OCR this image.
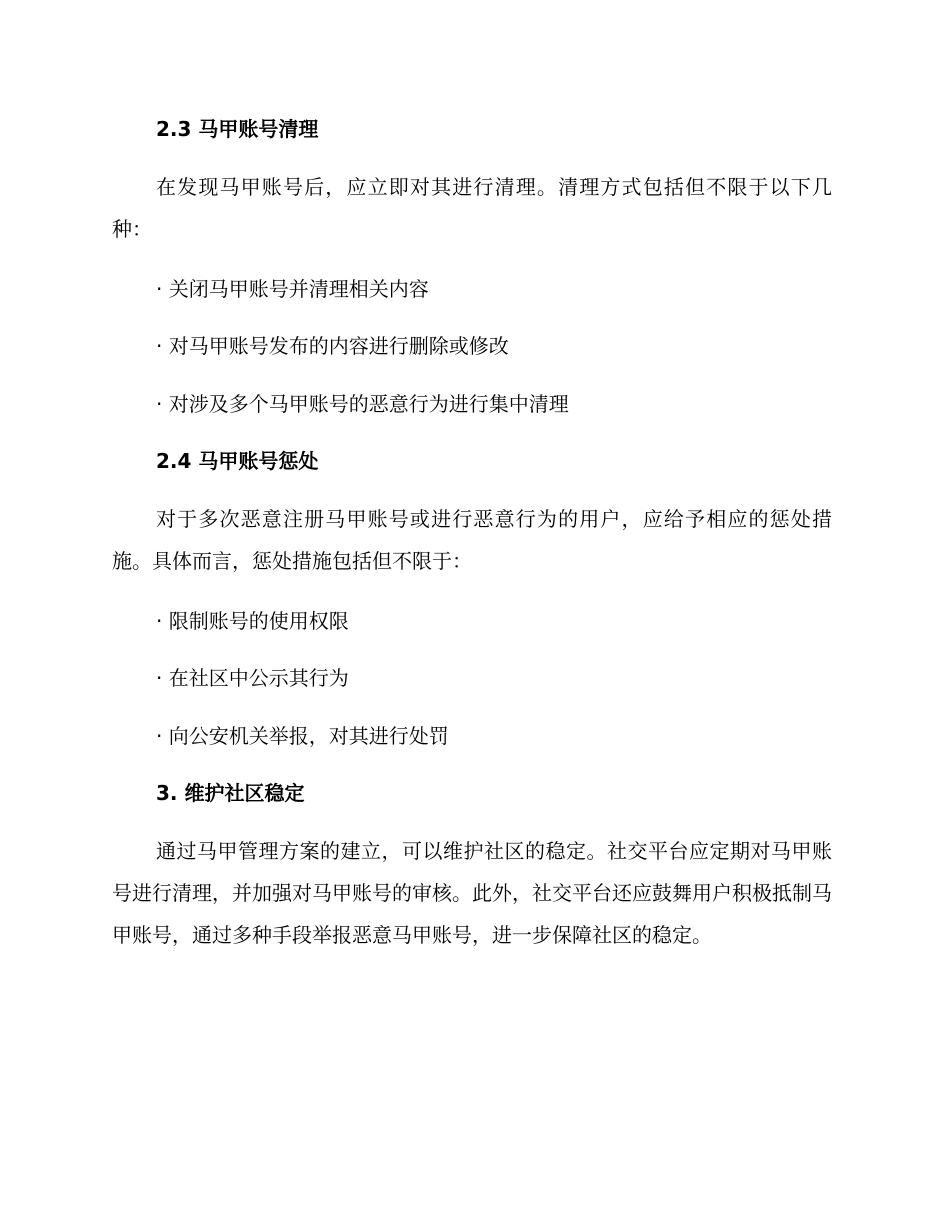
2.3 马甲账号清理

在发现马甲账号后，应立即对其进行清理。清理方式包括但不限于以下几种：

· 关闭马甲账号并清理相关内容
· 对马甲账号发布的内容进行删除或修改
· 对涉及多个马甲账号的恶意行为进行集中清理
2.4 马甲账号惩处

对于多次恶意注册马甲账号或进行恶意行为的用户，应给予相应的惩处措施。具体而言，惩处措施包括但不限于：

· 限制账号的使用权限
· 在社区中公示其行为
· 向公安机关举报，对其进行处罚
3. 维护社区稳定

通过马甲管理方案的建立，可以维护社区的稳定。社交平台应定期对马甲账号进行清理，并加强对马甲账号的审核。此外，社交平台还应鼓舞用户积极抵制马甲账号，通过多种手段举报恶意马甲账号，进一步保障社区的稳定。
